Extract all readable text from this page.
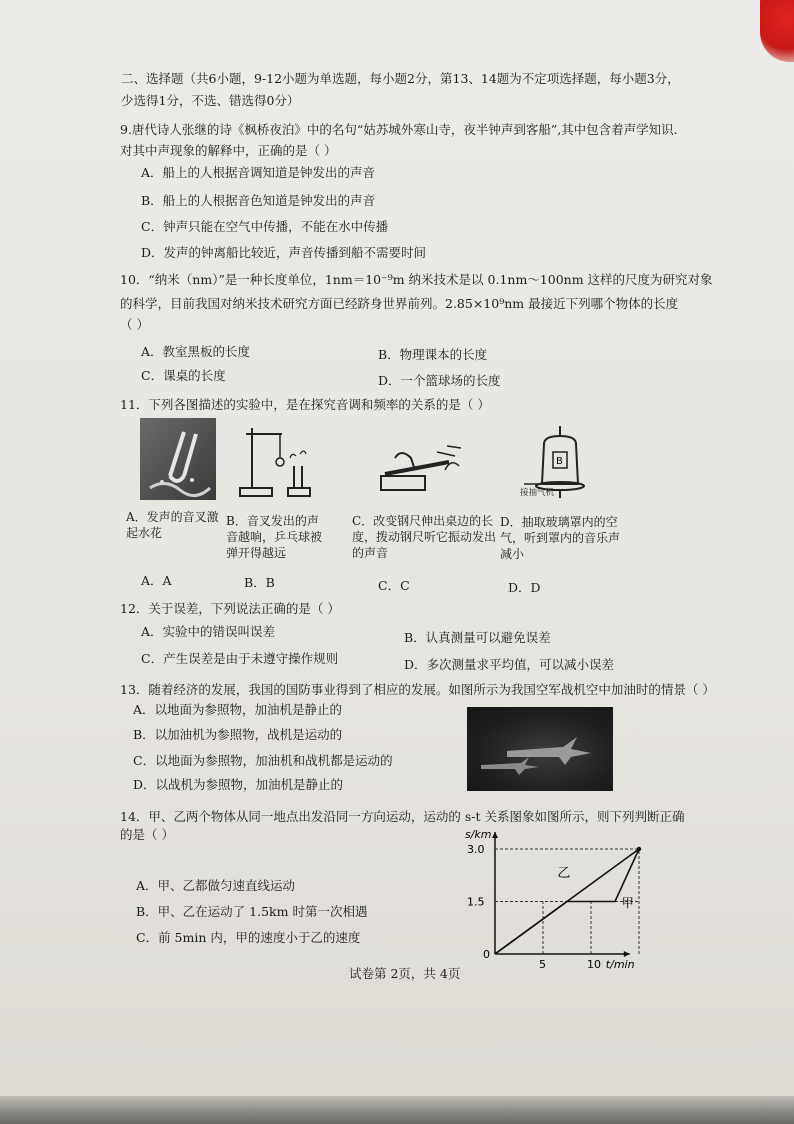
二、选择题（共6小题，9-12小题为单选题，每小题2分，第13、14题为不定项选择题，每小题3分，
少选得1分，不选、错选得0分）
9.唐代诗人张继的诗《枫桥夜泊》中的名句“姑苏城外寒山寺，夜半钟声到客船”,其中包含着声学知识.
对其中声现象的解释中，正确的是（ ）
A．船上的人根据音调知道是钟发出的声音
B．船上的人根据音色知道是钟发出的声音
C．钟声只能在空气中传播，不能在水中传播
D．发声的钟离船比较近，声音传播到船不需要时间
10．“纳米（nm）”是一种长度单位，1nm＝10⁻⁹m 纳米技术是以 0.1nm～100nm 这样的尺度为研究对象
的科学，目前我国对纳米技术研究方面已经跻身世界前列。2.85×10⁹nm 最接近下列哪个物体的长度
（ ）
A．教室黑板的长度	B．物理课本的长度
C．课桌的长度	D．一个篮球场的长度
11．下列各图描述的实验中，是在探究音调和频率的关系的是（ ）
A．发声的音叉激起水花
B．音叉发出的声音越响，乒乓球被弹开得越远
C．改变钢尺伸出桌边的长度，拨动钢尺听它振动发出的声音
B
接抽气机
D．抽取玻璃罩内的空气，听到罩内的音乐声减小
A．A	B．B	C．C	D．D
12．关于误差，下列说法正确的是（ ）
A．实验中的错误叫误差	B．认真测量可以避免误差
C．产生误差是由于未遵守操作规则	D．多次测量求平均值，可以减小误差
13．随着经济的发展，我国的国防事业得到了相应的发展。如图所示为我国空军战机空中加油时的情景（ ）
A．以地面为参照物，加油机是静止的
B．以加油机为参照物，战机是运动的
C．以地面为参照物，加油机和战机都是运动的
D．以战机为参照物，加油机是静止的
14．甲、乙两个物体从同一地点出发沿同一方向运动，运动的 s-t 关系图象如图所示，则下列判断正确
的是（ ）
A．甲、乙都做匀速直线运动
B．甲、乙在运动了 1.5km 时第一次相遇
C．前 5min 内，甲的速度小于乙的速度
s/km
t/min
0
1.5
3.0
5	10
乙
甲
试卷第 2页，共 4页
